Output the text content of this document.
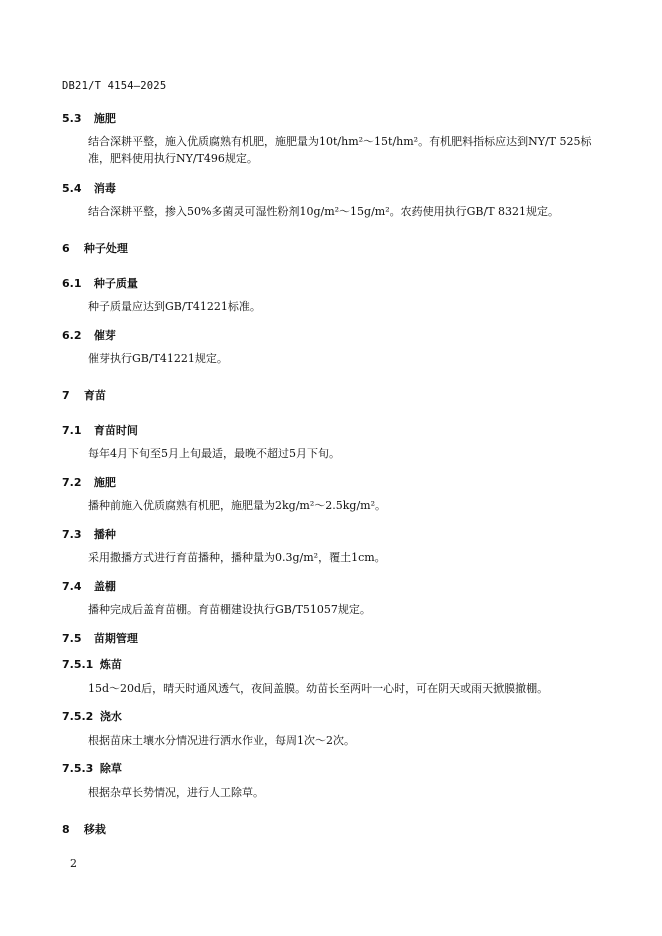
DB21/T 4154—2025
5.3 施肥
结合深耕平整，施入优质腐熟有机肥，施肥量为10t/hm²～15t/hm²。有机肥料指标应达到NY/T 525标准，肥料使用执行NY/T496规定。
5.4 消毒
结合深耕平整，掺入50%多菌灵可湿性粉剂10g/m²～15g/m²。农药使用执行GB/T 8321规定。
6 种子处理
6.1 种子质量
种子质量应达到GB/T41221标准。
6.2 催芽
催芽执行GB/T41221规定。
7 育苗
7.1 育苗时间
每年4月下旬至5月上旬最适，最晚不超过5月下旬。
7.2 施肥
播种前施入优质腐熟有机肥，施肥量为2kg/m²～2.5kg/m²。
7.3 播种
采用撒播方式进行育苗播种，播种量为0.3g/m²，覆土1cm。
7.4 盖棚
播种完成后盖育苗棚。育苗棚建设执行GB/T51057规定。
7.5 苗期管理
7.5.1 炼苗
15d～20d后，晴天时通风透气，夜间盖膜。幼苗长至两叶一心时，可在阴天或雨天掀膜撤棚。
7.5.2 浇水
根据苗床土壤水分情况进行洒水作业，每周1次～2次。
7.5.3 除草
根据杂草长势情况，进行人工除草。
8 移栽
2
